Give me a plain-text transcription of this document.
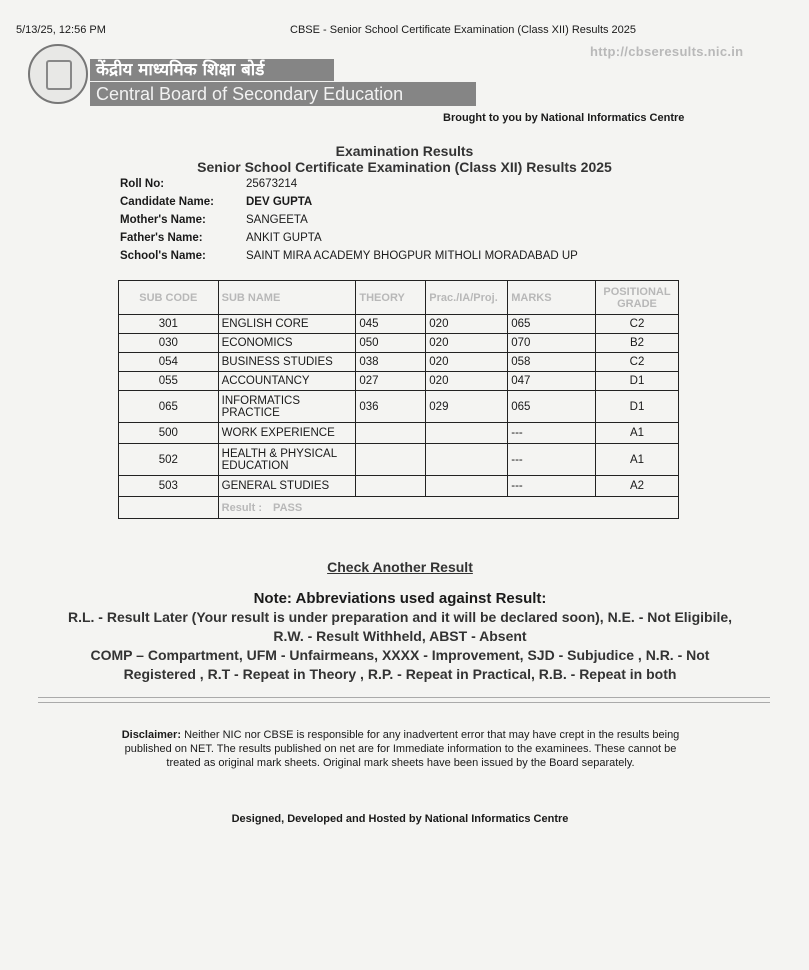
5/13/25, 12:56 PM	CBSE - Senior School Certificate Examination (Class XII) Results 2025
http://cbseresults.nic.in
केंद्रीय माध्यमिक शिक्षा बोर्ड
Central Board of Secondary Education
Brought to you by National Informatics Centre
Examination Results
Senior School Certificate Examination (Class XII) Results 2025
Roll No:	25673214
Candidate Name:	DEV GUPTA
Mother's Name:	SANGEETA
Father's Name:	ANKIT GUPTA
School's Name:	SAINT MIRA ACADEMY BHOGPUR MITHOLI MORADABAD UP
SUB CODE	SUB NAME	THEORY	Prac./IA/Proj.	MARKS	POSITIONAL GRADE
301	ENGLISH CORE	045	020	065	C2
030	ECONOMICS	050	020	070	B2
054	BUSINESS STUDIES	038	020	058	C2
055	ACCOUNTANCY	027	020	047	D1
065	INFORMATICS PRACTICE	036	029	065	D1
500	WORK EXPERIENCE			---	A1
502	HEALTH & PHYSICAL EDUCATION			---	A1
503	GENERAL STUDIES			---	A2
	Result : PASS				
Check Another Result
Note: Abbreviations used against Result:
R.L. - Result Later (Your result is under preparation and it will be declared soon), N.E. - Not Eligibile,
R.W. - Result Withheld, ABST - Absent
COMP – Compartment, UFM - Unfairmeans, XXXX - Improvement, SJD - Subjudice , N.R. - Not
Registered , R.T - Repeat in Theory , R.P. - Repeat in Practical, R.B. - Repeat in both
Disclaimer: Neither NIC nor CBSE is responsible for any inadvertent error that may have crept in the results being published on NET. The results published on net are for Immediate information to the examinees. These cannot be treated as original mark sheets. Original mark sheets have been issued by the Board separately.
Designed, Developed and Hosted by National Informatics Centre
